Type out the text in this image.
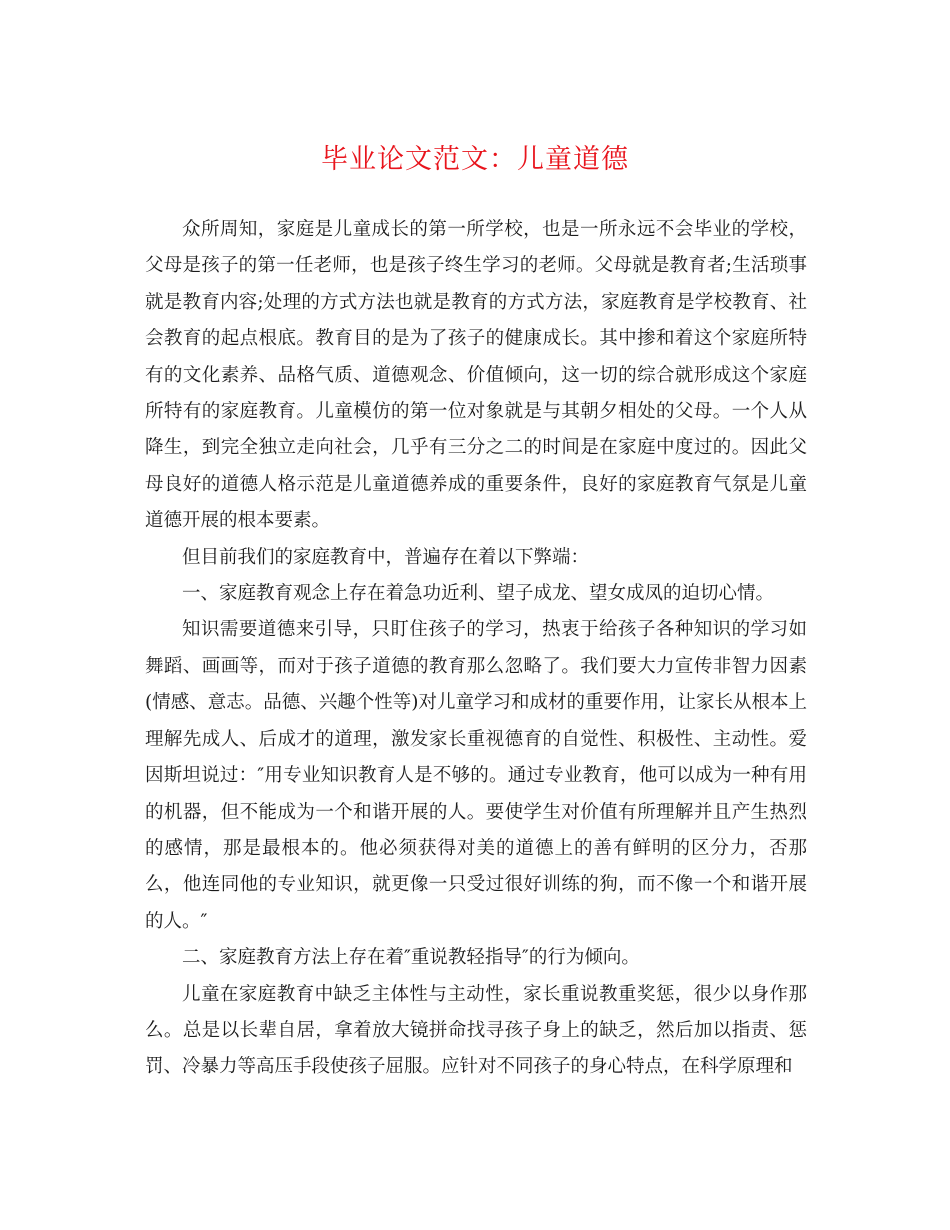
毕业论文范文：儿童道德

众所周知，家庭是儿童成长的第一所学校，也是一所永远不会毕业的学校，父母是孩子的第一任老师，也是孩子终生学习的老师。父母就是教育者;生活琐事就是教育内容;处理的方式方法也就是教育的方式方法，家庭教育是学校教育、社会教育的起点根底。教育目的是为了孩子的健康成长。其中掺和着这个家庭所特有的文化素养、品格气质、道德观念、价值倾向，这一切的综合就形成这个家庭所特有的家庭教育。儿童模仿的第一位对象就是与其朝夕相处的父母。一个人从降生，到完全独立走向社会，几乎有三分之二的时间是在家庭中度过的。因此父母良好的道德人格示范是儿童道德养成的重要条件，良好的家庭教育气氛是儿童道德开展的根本要素。

但目前我们的家庭教育中，普遍存在着以下弊端：

一、家庭教育观念上存在着急功近利、望子成龙、望女成凤的迫切心情。

知识需要道德来引导，只盯住孩子的学习，热衷于给孩子各种知识的学习如舞蹈、画画等，而对于孩子道德的教育那么忽略了。我们要大力宣传非智力因素(情感、意志。品德、兴趣个性等)对儿童学习和成材的重要作用，让家长从根本上理解先成人、后成才的道理，激发家长重视德育的自觉性、积极性、主动性。爱因斯坦说过：″用专业知识教育人是不够的。通过专业教育，他可以成为一种有用的机器，但不能成为一个和谐开展的人。要使学生对价值有所理解并且产生热烈的感情，那是最根本的。他必须获得对美的道德上的善有鲜明的区分力，否那么，他连同他的专业知识，就更像一只受过很好训练的狗，而不像一个和谐开展的人。″

二、家庭教育方法上存在着″重说教轻指导″的行为倾向。

儿童在家庭教育中缺乏主体性与主动性，家长重说教重奖惩，很少以身作那么。总是以长辈自居，拿着放大镜拼命找寻孩子身上的缺乏，然后加以指责、惩罚、冷暴力等高压手段使孩子屈服。应针对不同孩子的身心特点，在科学原理和
